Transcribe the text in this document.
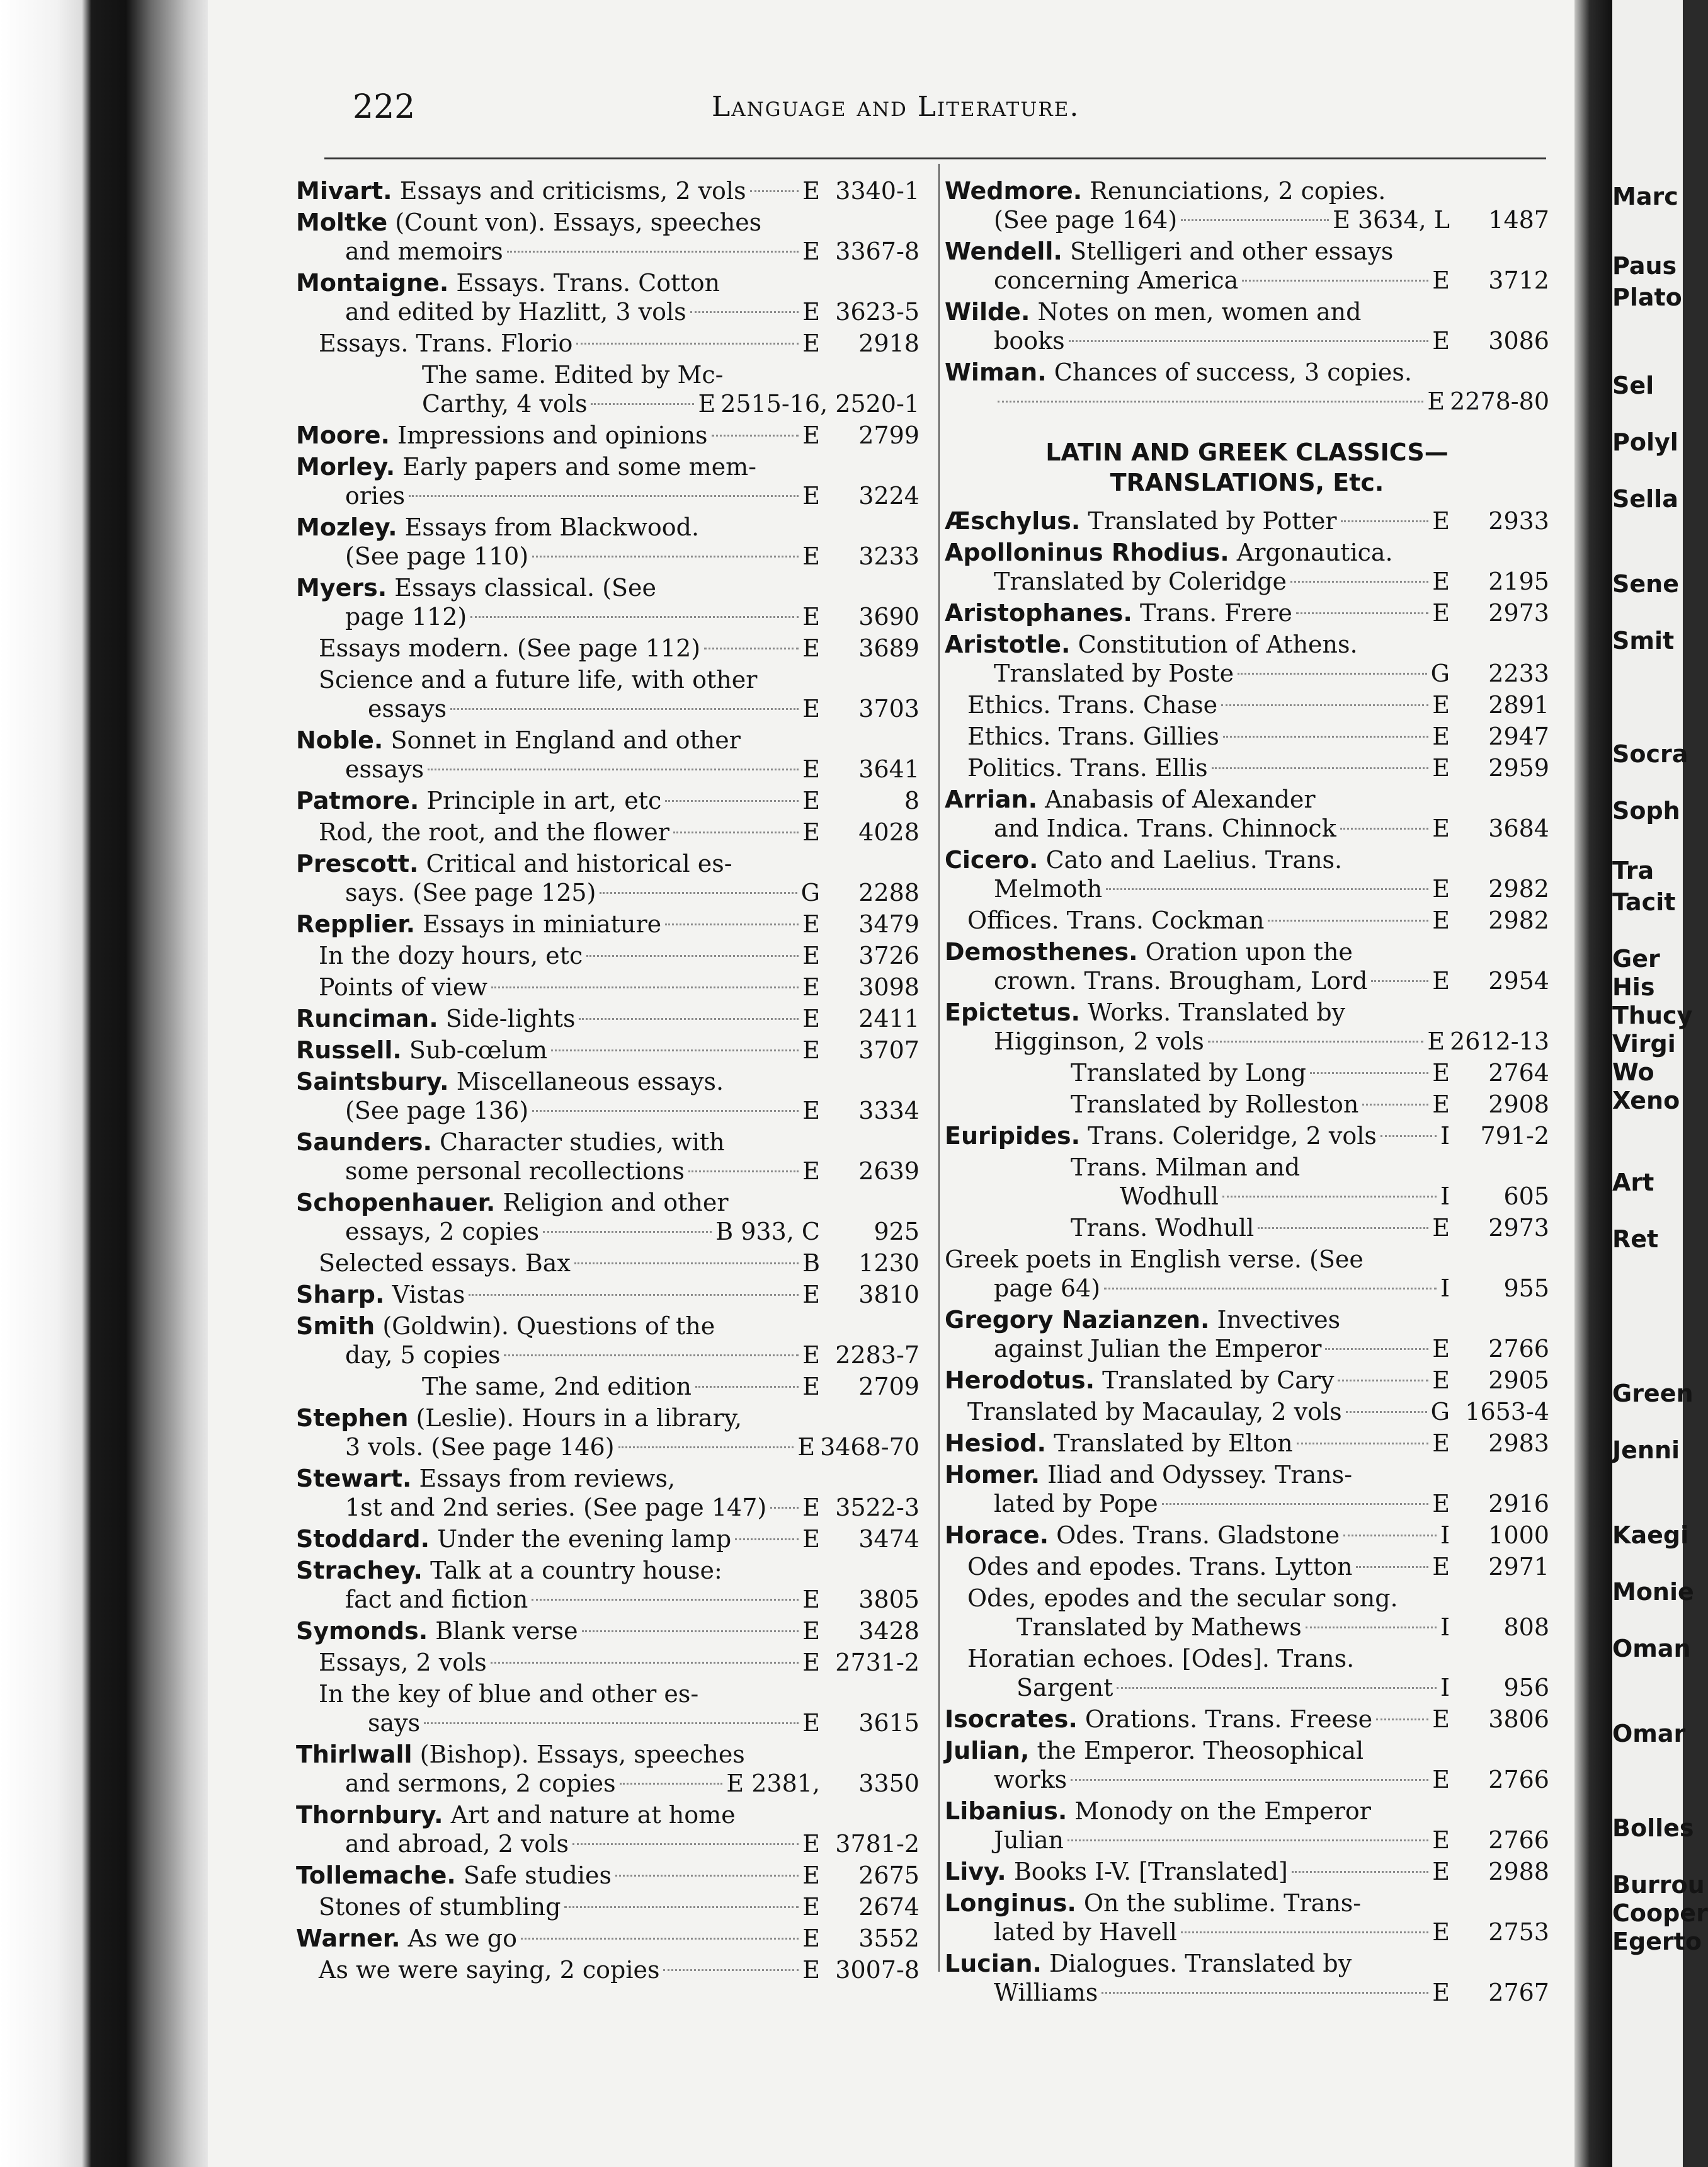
Marc
Paus
Plato
Sel
Polyl
Sella
Sene
Smit
Socra
Soph
Tra
Tacit
Ger
His
Thucy
Virgi
Wo
Xeno
Art
Ret
Green
Jenni
Kaegi
Monie
Oman
Omar
Bolles
Burrou
Cooper
Egerto
222	Language and Literature.
Mivart. Essays and criticisms, 2 vols E 3340-1
Moltke (Count von). Essays, speeches
and memoirs	E 3367-8
Montaigne. Essays. Trans. Cotton
and edited by Hazlitt, 3 vols	E 3623-5
Essays. Trans. Florio	E	2918
The same. Edited by Mc-
Carthy, 4 vols	E 2515-16, 2520-1
Moore. Impressions and opinions	E	2799
Morley. Early papers and some mem-
ories	E	3224
Mozley. Essays from Blackwood.
(See page 110)	E	3233
Myers. Essays classical. (See
page 112)	E	3690
Essays modern. (See page 112)	E	3689
Science and a future life, with other
essays	E	3703
Noble. Sonnet in England and other
essays	E	3641
Patmore. Principle in art, etc	E	8
Rod, the root, and the flower	E	4028
Prescott. Critical and historical es-
says. (See page 125)	G	2288
Repplier. Essays in miniature	E	3479
In the dozy hours, etc	E	3726
Points of view	E	3098
Runciman. Side-lights	E	2411
Russell. Sub-cœlum	E	3707
Saintsbury. Miscellaneous essays.
(See page 136)	E	3334
Saunders. Character studies, with
some personal recollections	E	2639
Schopenhauer. Religion and other
essays, 2 copies	B 933, C	925
Selected essays. Bax	B	1230
Sharp. Vistas	E	3810
Smith (Goldwin). Questions of the
day, 5 copies	E 2283-7
The same, 2nd edition	E	2709
Stephen (Leslie). Hours in a library,
3 vols. (See page 146)	E 3468-70
Stewart. Essays from reviews,
1st and 2nd series. (See page 147) E 3522-3
Stoddard. Under the evening lamp	E	3474
Strachey. Talk at a country house:
fact and fiction	E	3805
Symonds. Blank verse	E	3428
Essays, 2 vols	E 2731-2
In the key of blue and other es-
says	E	3615
Thirlwall (Bishop). Essays, speeches
and sermons, 2 copies	E 2381,	3350
Thornbury. Art and nature at home
and abroad, 2 vols	E 3781-2
Tollemache. Safe studies	E	2675
Stones of stumbling	E	2674
Warner. As we go	E	3552
As we were saying, 2 copies	E 3007-8
Wedmore. Renunciations, 2 copies.
(See page 164)	E 3634, L	1487
Wendell. Stelligeri and other essays
concerning America	E	3712
Wilde. Notes on men, women and
books	E	3086
Wiman. Chances of success, 3 copies.
E 2278-80
LATIN AND GREEK CLASSICS—TRANSLATIONS, Etc.
Æschylus. Translated by Potter	E	2933
Apolloninus Rhodius. Argonautica.
Translated by Coleridge	E	2195
Aristophanes. Trans. Frere	E	2973
Aristotle. Constitution of Athens.
Translated by Poste	G	2233
Ethics. Trans. Chase	E	2891
Ethics. Trans. Gillies	E	2947
Politics. Trans. Ellis	E	2959
Arrian. Anabasis of Alexander
and Indica. Trans. Chinnock	E	3684
Cicero. Cato and Laelius. Trans.
Melmoth	E	2982
Offices. Trans. Cockman	E	2982
Demosthenes. Oration upon the
crown. Trans. Brougham, Lord	E	2954
Epictetus. Works. Translated by
Higginson, 2 vols	E 2612-13
Translated by Long	E	2764
Translated by Rolleston	E	2908
Euripides. Trans. Coleridge, 2 vols	I	791-2
Trans. Milman and
Wodhull	I	605
Trans. Wodhull	E	2973
Greek poets in English verse. (See
page 64)	I	955
Gregory Nazianzen. Invectives
against Julian the Emperor	E	2766
Herodotus. Translated by Cary	E	2905
Translated by Macaulay, 2 vols	G 1653-4
Hesiod. Translated by Elton	E	2983
Homer. Iliad and Odyssey. Trans-
lated by Pope	E	2916
Horace. Odes. Trans. Gladstone	I	1000
Odes and epodes. Trans. Lytton	E	2971
Odes, epodes and the secular song.
Translated by Mathews	I	808
Horatian echoes. [Odes]. Trans.
Sargent	I	956
Isocrates. Orations. Trans. Freese	E	3806
Julian, the Emperor. Theosophical
works	E	2766
Libanius. Monody on the Emperor
Julian	E	2766
Livy. Books I-V. [Translated]	E	2988
Longinus. On the sublime. Trans-
lated by Havell	E	2753
Lucian. Dialogues. Translated by
Williams	E	2767
